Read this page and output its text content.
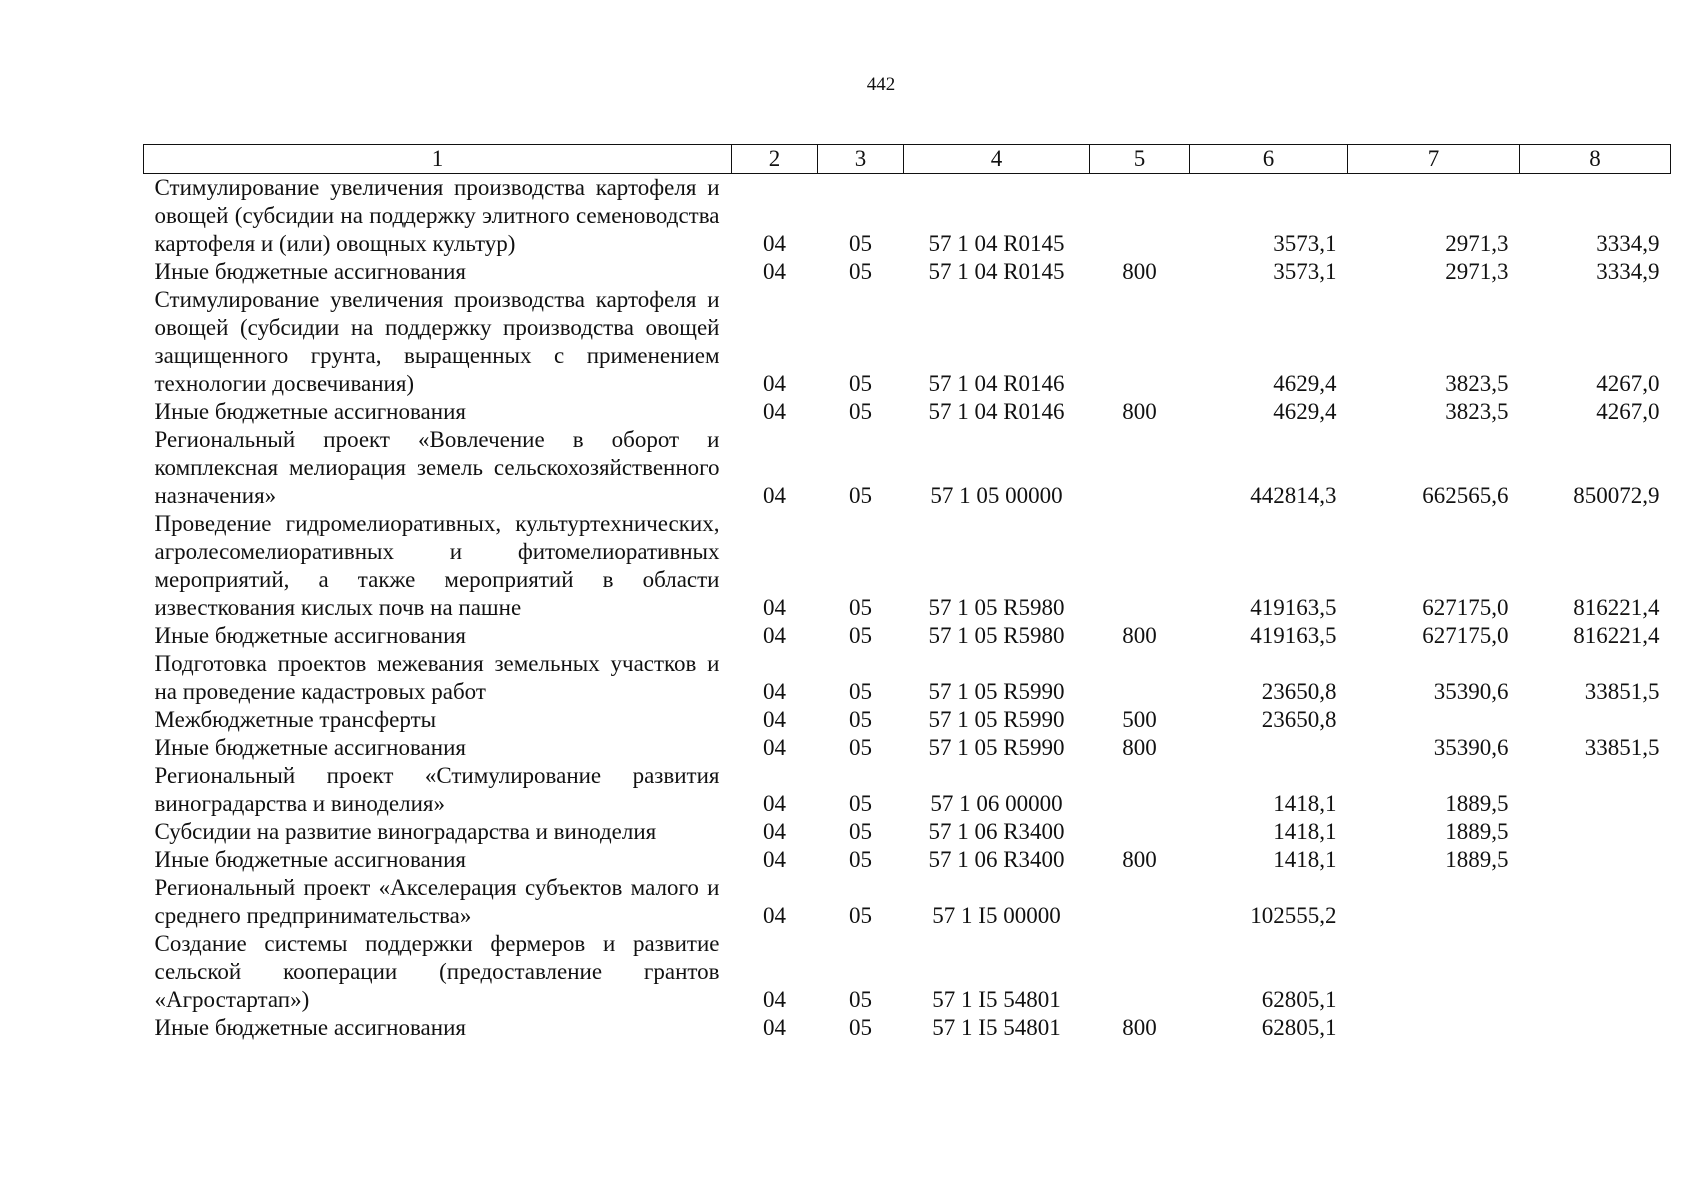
442
1	2	3	4	5	6	7	8
Стимулирование увеличения производства картофеля и овощей (субсидии на поддержку элитного семеноводства картофеля и (или) овощных культур)	04	05	57 1 04 R0145		3573,1	2971,3	3334,9
Иные бюджетные ассигнования	04	05	57 1 04 R0145	800	3573,1	2971,3	3334,9
Стимулирование увеличения производства картофеля и овощей (субсидии на поддержку производства овощей защищенного грунта, выращенных с применением технологии досвечивания)	04	05	57 1 04 R0146		4629,4	3823,5	4267,0
Иные бюджетные ассигнования	04	05	57 1 04 R0146	800	4629,4	3823,5	4267,0
Региональный проект «Вовлечение в оборот и комплексная мелиорация земель сельскохозяйственного назначения»	04	05	57 1 05 00000		442814,3	662565,6	850072,9
Проведение гидромелиоративных, культуртехнических, агролесомелиоративных и фитомелиоративных мероприятий, а также мероприятий в области известкования кислых почв на пашне	04	05	57 1 05 R5980		419163,5	627175,0	816221,4
Иные бюджетные ассигнования	04	05	57 1 05 R5980	800	419163,5	627175,0	816221,4
Подготовка проектов межевания земельных участков и на проведение кадастровых работ	04	05	57 1 05 R5990		23650,8	35390,6	33851,5
Межбюджетные трансферты	04	05	57 1 05 R5990	500	23650,8		
Иные бюджетные ассигнования	04	05	57 1 05 R5990	800		35390,6	33851,5
Региональный проект «Стимулирование развития виноградарства и виноделия»	04	05	57 1 06 00000		1418,1	1889,5	
Субсидии на развитие виноградарства и виноделия	04	05	57 1 06 R3400		1418,1	1889,5	
Иные бюджетные ассигнования	04	05	57 1 06 R3400	800	1418,1	1889,5	
Региональный проект «Акселерация субъектов малого и среднего предпринимательства»	04	05	57 1 I5 00000		102555,2		
Создание системы поддержки фермеров и развитие сельской кооперации (предоставление грантов «Агростартап»)	04	05	57 1 I5 54801		62805,1		
Иные бюджетные ассигнования	04	05	57 1 I5 54801	800	62805,1		
